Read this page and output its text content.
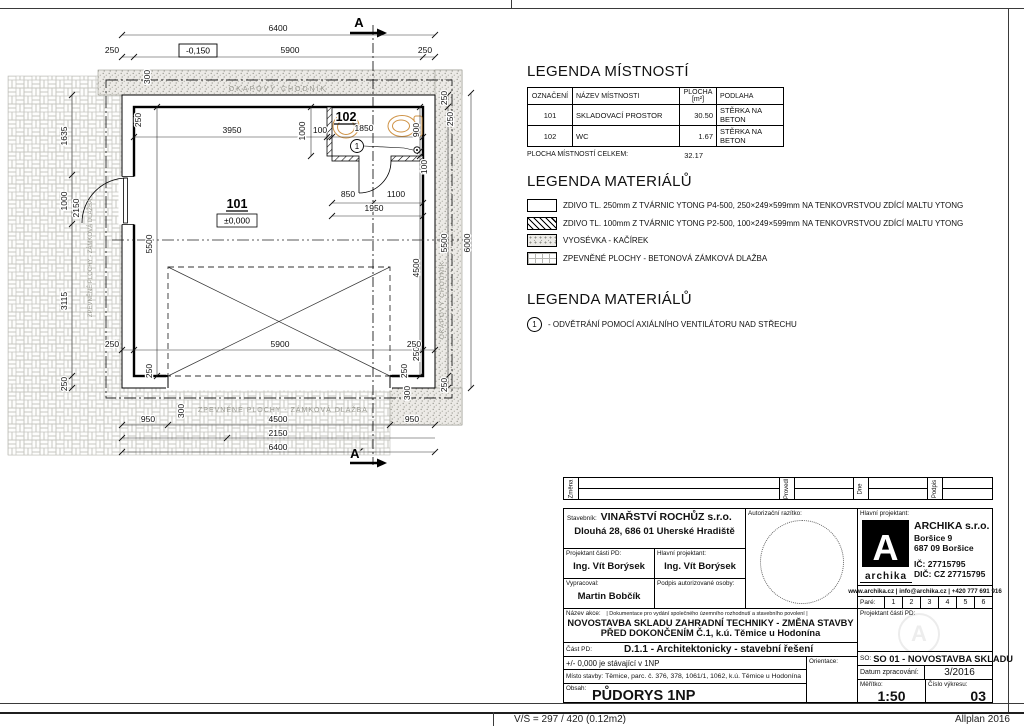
A
A´
1
-0,150
101
±0,000
102
OKAPOVÝ CHODNÍK
OKAPOVÝ CHODNÍK
ZPEVNĚNÉ PLOCHY - ZÁMKOVÁ DLAŽBA
ZPEVNĚNÉ PLOCHY - ZÁMKOVÁ DLAŽBA
6400
250	5900	250
300
250
3950	1000 100	1850	900
250
250
100
850	1100
1950
5500
4500
250
5500
250
6000
1635
1000 2150
3115
250
250	5900	250
250	250
300
300
950	4500	950
2150
6400
LEGENDA MÍSTNOSTÍ
OZNAČENÍ	NÁZEV MÍSTNOSTI	PLOCHA [m²]	PODLAHA
101	SKLADOVACÍ PROSTOR	30.50	STĚRKA NA BETON
102	WC	1.67	STĚRKA NA BETON
PLOCHA MÍSTNOSTÍ CELKEM:	32.17
LEGENDA MATERIÁLŮ
ZDIVO TL. 250mm Z TVÁRNIC YTONG P4-500, 250×249×599mm NA TENKOVRSTVOU ZDÍCÍ MALTU YTONG
ZDIVO TL. 100mm Z TVÁRNIC YTONG P2-500, 100×249×599mm NA TENKOVRSTVOU ZDÍCÍ MALTU YTONG
VYOSÉVKA - KAČÍREK
ZPEVNĚNÉ PLOCHY - BETONOVÁ ZÁMKOVÁ DLAŽBA
LEGENDA MATERIÁLŮ
1	- ODVĚTRÁNÍ POMOCÍ AXIÁLNÍHO VENTILÁTORU NAD STŘECHU
Změna	Provedl	Dne	Podpis
Stavebník: VINAŘSTVÍ ROCHŮZ s.r.o.
Dlouhá 28, 686 01 Uherské Hradiště
Projektant části PD:
Ing. Vít Borýsek
Hlavní projektant:
Ing. Vít Borýsek
Vypracoval:
Martin Bobčík
Podpis autorizované osoby:
Autorizační razítko:	Hlavní projektant:
A
archika
ARCHIKA s.r.o.
Boršice 9
687 09 Boršice
IČ: 27715795
DIČ: CZ 27715795
www.archika.cz | info@archika.cz | +420 777 691 916
Paré:	1	2	3	4	5	6
Projektant části PD:
A
SO: SO 01 - NOVOSTAVBA SKLADU
Datum zpracování:	3/2016
Měřítko:
1:50
Číslo výkresu:
03
Název akce: | Dokumentace pro vydání společného územního rozhodnutí a stavebního povolení |
NOVOSTAVBA SKLADU ZAHRADNÍ TECHNIKY - ZMĚNA STAVBY
PŘED DOKONČENÍM Č.1, k.ú. Těmice u Hodonína
Část PD:	D.1.1 - Architektonicky - stavební řešení
+/- 0,000 je stávající v 1NP	Orientace:
Místo stavby: Těmice, parc. č. 376, 378, 1061/1, 1062, k.ú. Těmice u Hodonína
Obsah: PŮDORYS 1NP
V/Š = 297 / 420 (0.12m2)	Allplan 2016
